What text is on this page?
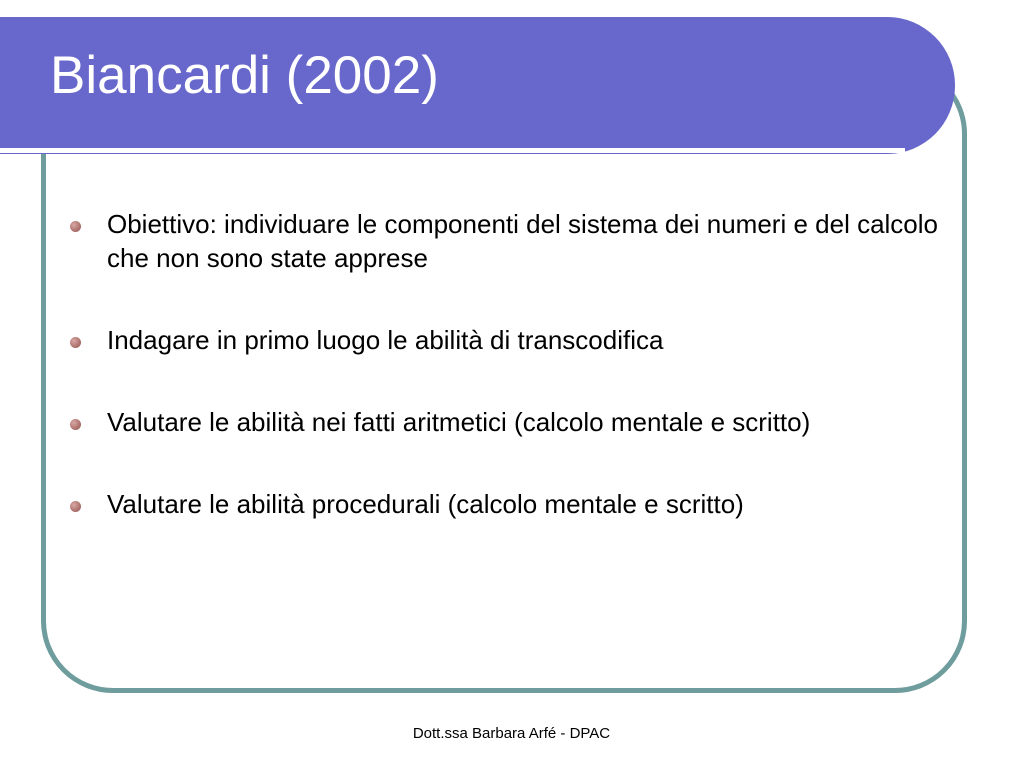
Biancardi (2002)
Obiettivo: individuare le componenti del sistema dei numeri e del calcolo che non sono state apprese
Indagare in primo luogo le abilità di transcodifica
Valutare le abilità nei fatti aritmetici (calcolo mentale e scritto)
Valutare le abilità procedurali (calcolo mentale e scritto)
Dott.ssa Barbara Arfé - DPAC
